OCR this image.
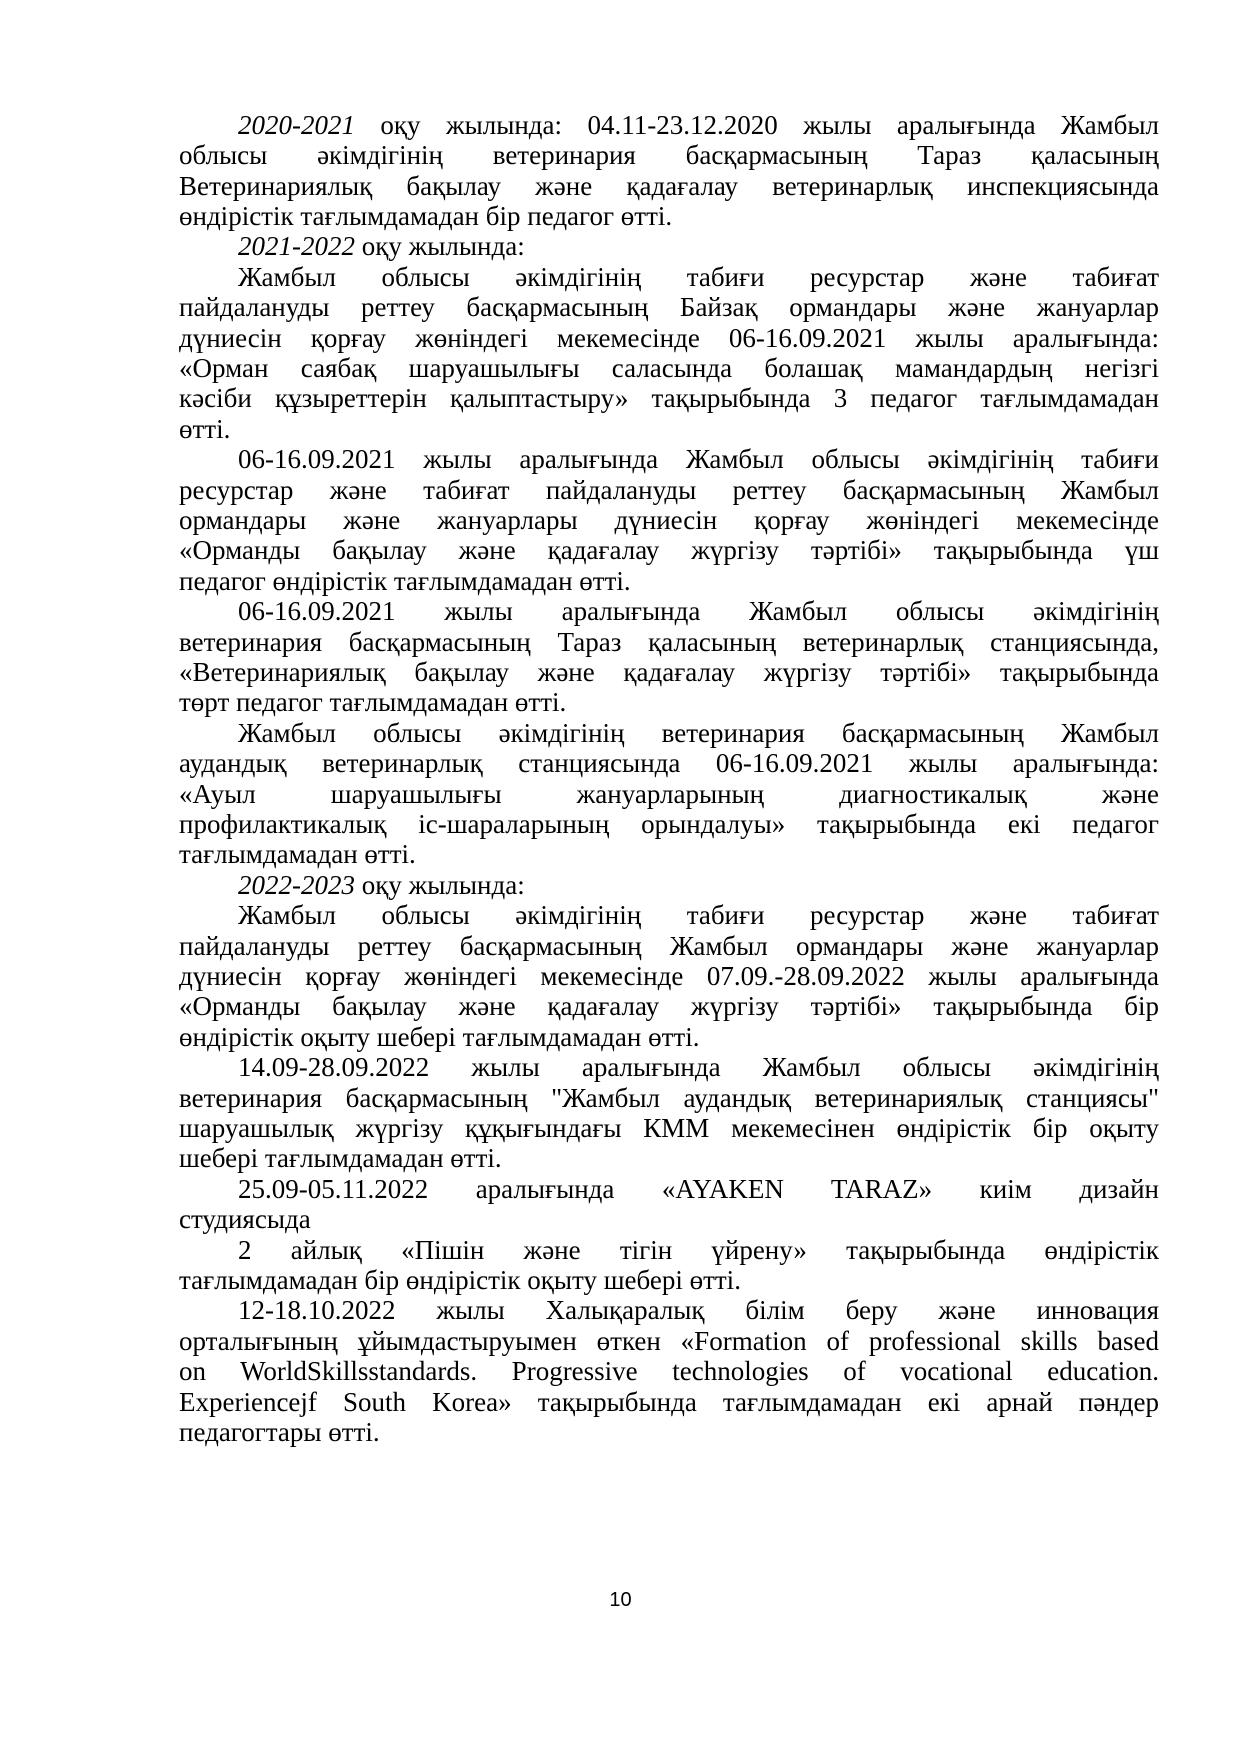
2020-2021 оқу жылында: 04.11-23.12.2020 жылы аралығында Жамбыл

облысы әкімдігінің ветеринария басқармасының Тараз қаласының

Ветеринариялық бақылау және қадағалау ветеринарлық инспекциясында

өндірістік тағлымдамадан бір педагог өтті.

2021-2022 оқу жылында:

Жамбыл облысы әкімдігінің табиғи ресурстар және табиғат

пайдалануды реттеу басқармасының Байзақ ормандары және жануарлар

дүниесін қорғау жөніндегі мекемесінде 06-16.09.2021 жылы аралығында:

«Орман саябақ шаруашылығы саласында болашақ мамандардың негізгі

кәсіби құзыреттерін қалыптастыру» тақырыбында 3 педагог тағлымдамадан

өтті.

06-16.09.2021 жылы аралығында Жамбыл облысы әкімдігінің табиғи

ресурстар және табиғат пайдалануды реттеу басқармасының Жамбыл

ормандары және жануарлары дүниесін қорғау жөніндегі мекемесінде

«Орманды бақылау және қадағалау жүргізу тәртібі» тақырыбында үш

педагог өндірістік тағлымдамадан өтті.

06-16.09.2021 жылы аралығында Жамбыл облысы әкімдігінің

ветеринария басқармасының Тараз қаласының ветеринарлық станциясында,

«Ветеринариялық бақылау және қадағалау жүргізу тәртібі» тақырыбында

төрт педагог тағлымдамадан өтті.

Жамбыл облысы әкімдігінің ветеринария басқармасының Жамбыл

аудандық ветеринарлық станциясында 06-16.09.2021 жылы аралығында:

«Ауыл шаруашылығы жануарларының диагностикалық және

профилактикалық іс-шараларының орындалуы» тақырыбында екі педагог

тағлымдамадан өтті.

2022-2023 оқу жылында:

Жамбыл облысы әкімдігінің табиғи ресурстар және табиғат

пайдалануды реттеу басқармасының Жамбыл ормандары және жануарлар

дүниесін қорғау жөніндегі мекемесінде 07.09.-28.09.2022 жылы аралығында

«Орманды бақылау және қадағалау жүргізу тәртібі» тақырыбында бір

өндірістік оқыту шебері тағлымдамадан өтті.

14.09-28.09.2022 жылы аралығында Жамбыл облысы әкімдігінің

ветеринария басқармасының "Жамбыл аудандық ветеринариялық станциясы"

шаруашылық жүргізу құқығындағы КММ мекемесінен өндірістік бір оқыту

шебері тағлымдамадан өтті.

25.09-05.11.2022 аралығында «AYAKEN TARAZ» киім дизайн

студиясыда

2 айлық «Пішін және тігін үйрену» тақырыбында өндірістік

тағлымдамадан бір өндірістік оқыту шебері өтті.

12-18.10.2022 жылы Халықаралық білім беру және инновация

орталығының ұйымдастыруымен өткен «Formation of professional skills based

on WorldSkillsstandards. Progressive technologies of vocational education.

Experiencejf South Korea» тақырыбында тағлымдамадан екі арнай пәндер

педагогтары өтті.

10
